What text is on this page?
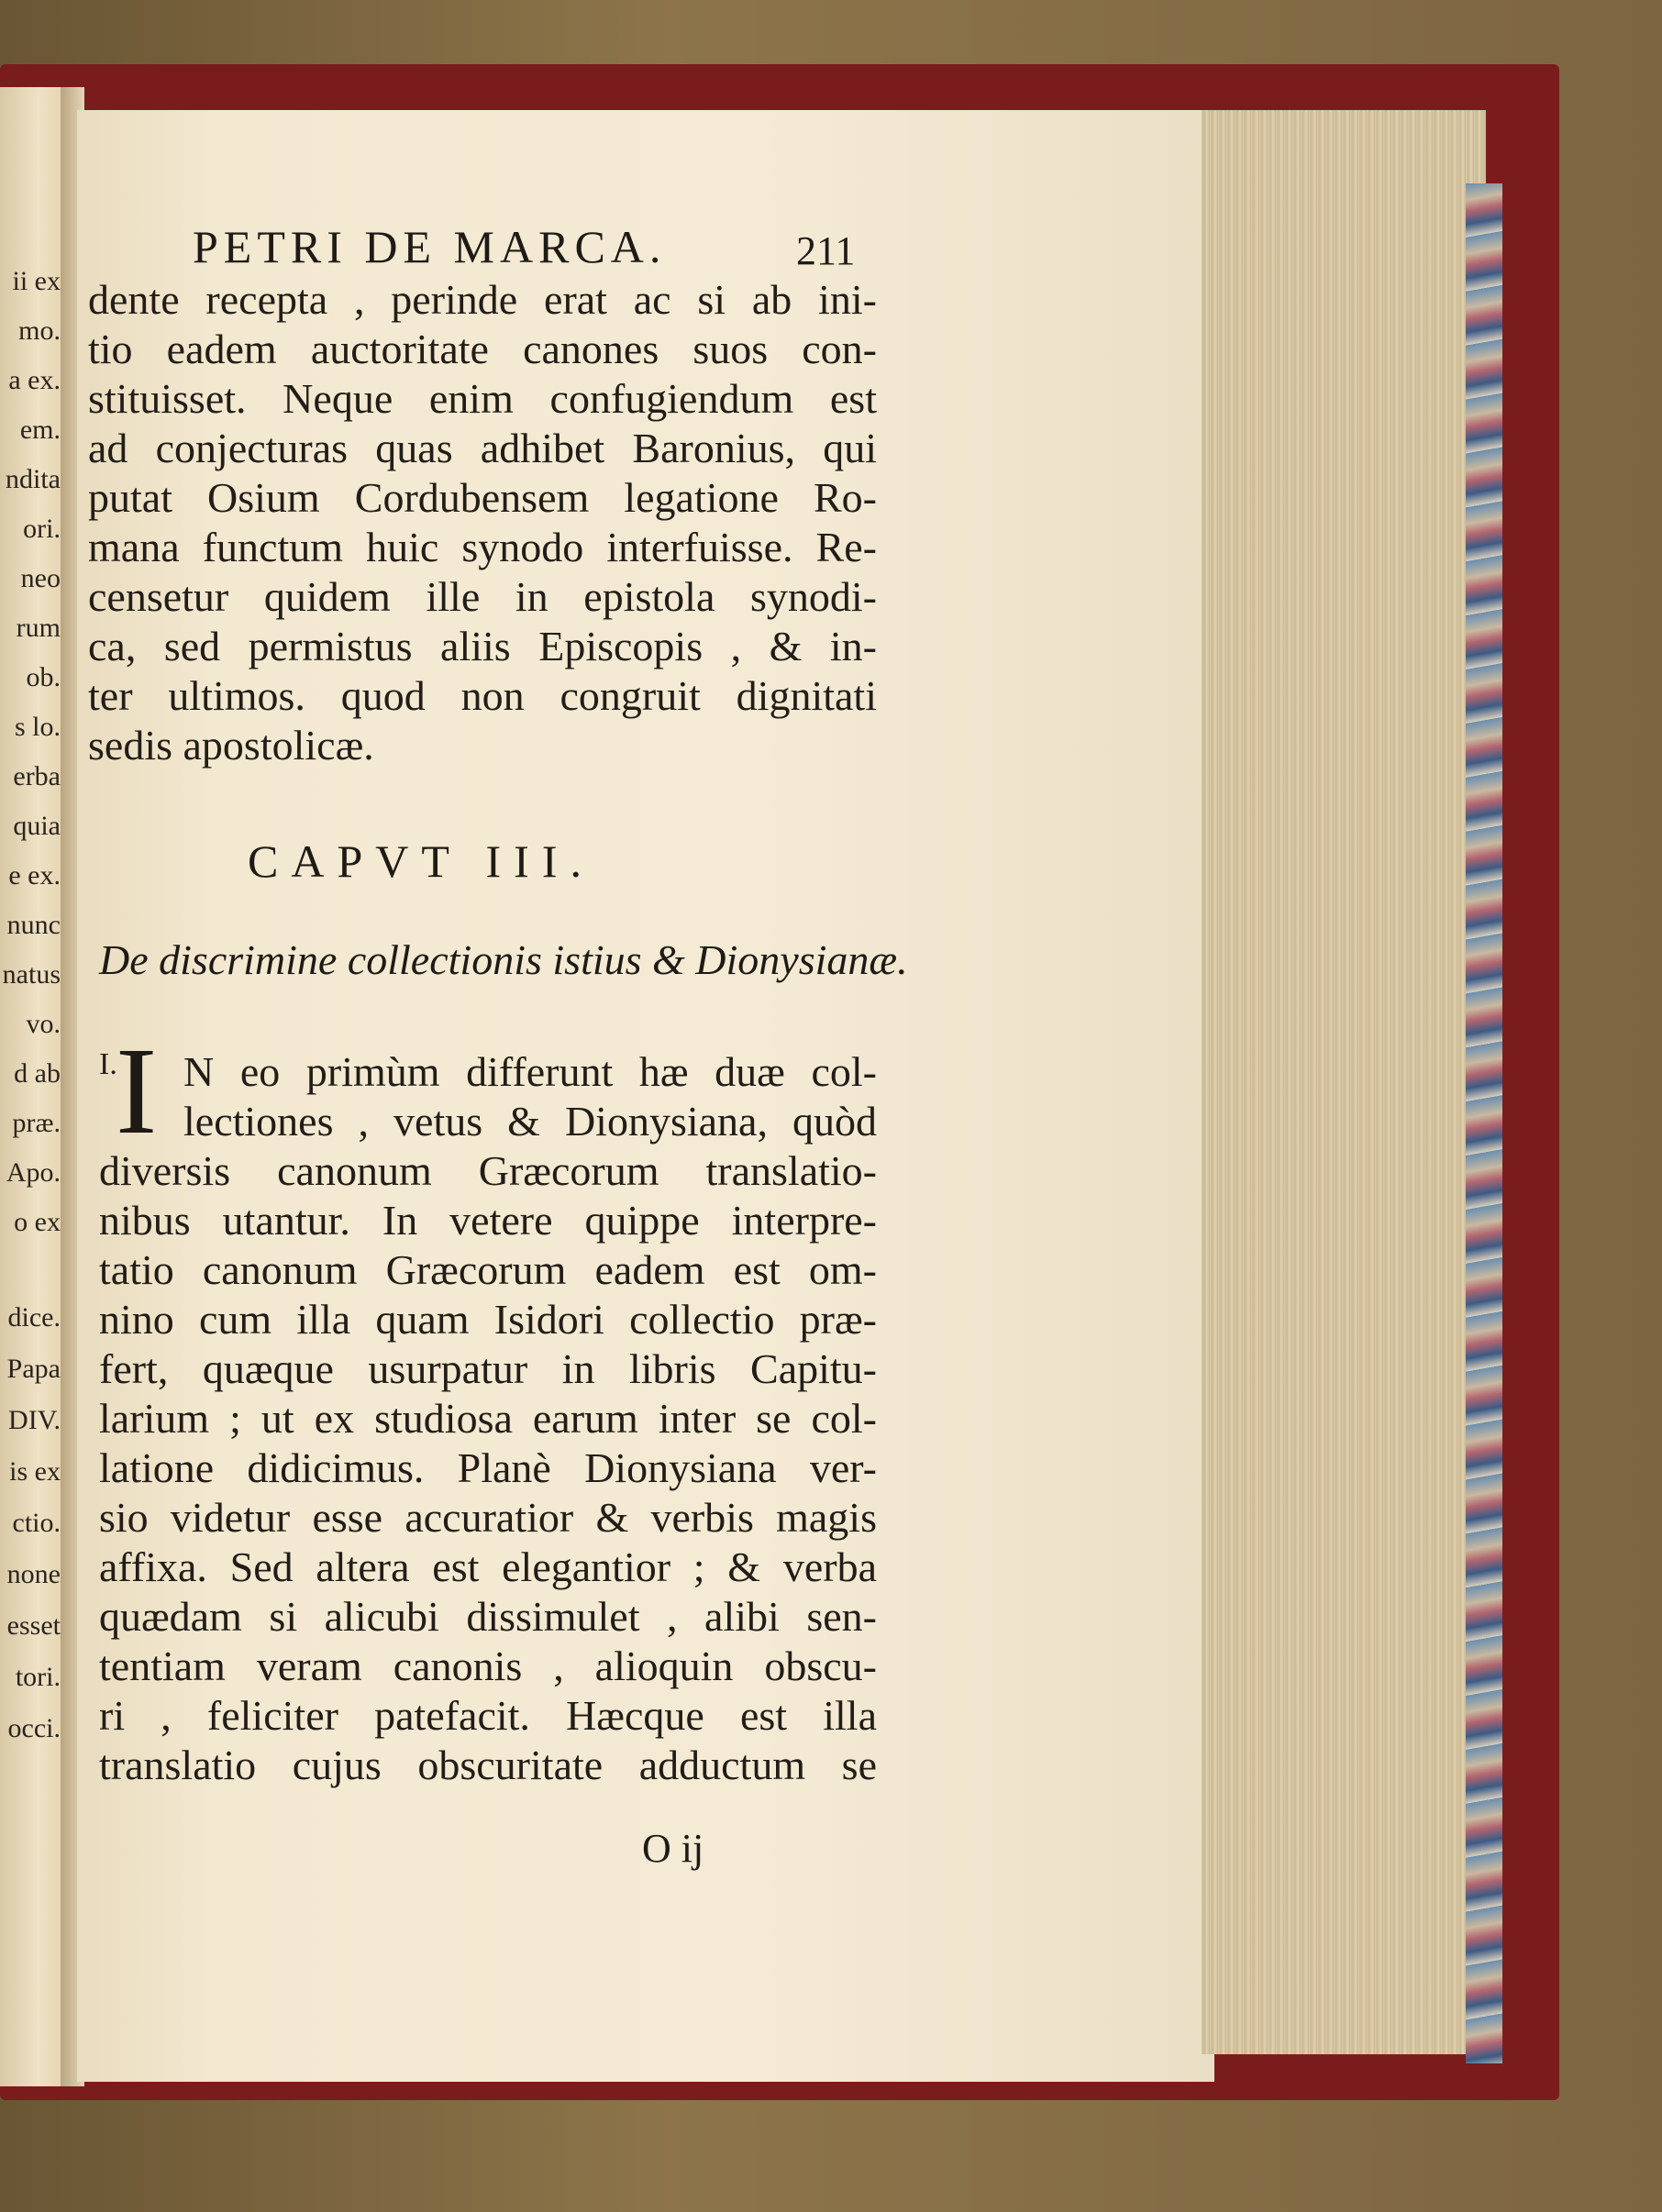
ii ex
mo.
a ex.
em.
ndita
ori.
neo
rum
ob.
s lo.
erba
quia
e ex.
nunc
natus
vo.
d ab
præ.
Apo.
o ex
dice.
Papa
DIV.
is ex
ctio.
none
esset
tori.
occi.
PETRI DE MARCA.	211
dente recepta , perinde erat ac si ab ini-
tio eadem auctoritate canones suos con-
stituisset. Neque enim confugiendum est
ad conjecturas quas adhibet Baronius, qui
putat Osium Cordubensem legatione Ro-
mana functum huic synodo interfuisse. Re-
censetur quidem ille in epistola synodi-
ca, sed permistus aliis Episcopis , & in-
ter ultimos. quod non congruit dignitati
sedis apostolicæ.
CAPVT III.
De discrimine collectionis istius & Dionysianæ.
I.
I N eo primùm differunt hæ duæ col-
lectiones , vetus & Dionysiana, quòd
diversis canonum Græcorum translatio-
nibus utantur. In vetere quippe interpre-
tatio canonum Græcorum eadem est om-
nino cum illa quam Isidori collectio præ-
fert, quæque usurpatur in libris Capitu-
larium ; ut ex studiosa earum inter se col-
latione didicimus. Planè Dionysiana ver-
sio videtur esse accuratior & verbis magis
affixa. Sed altera est elegantior ; & verba
quædam si alicubi dissimulet , alibi sen-
tentiam veram canonis , alioquin obscu-
ri , feliciter patefacit. Hæcque est illa
translatio cujus obscuritate adductum se
O ij
